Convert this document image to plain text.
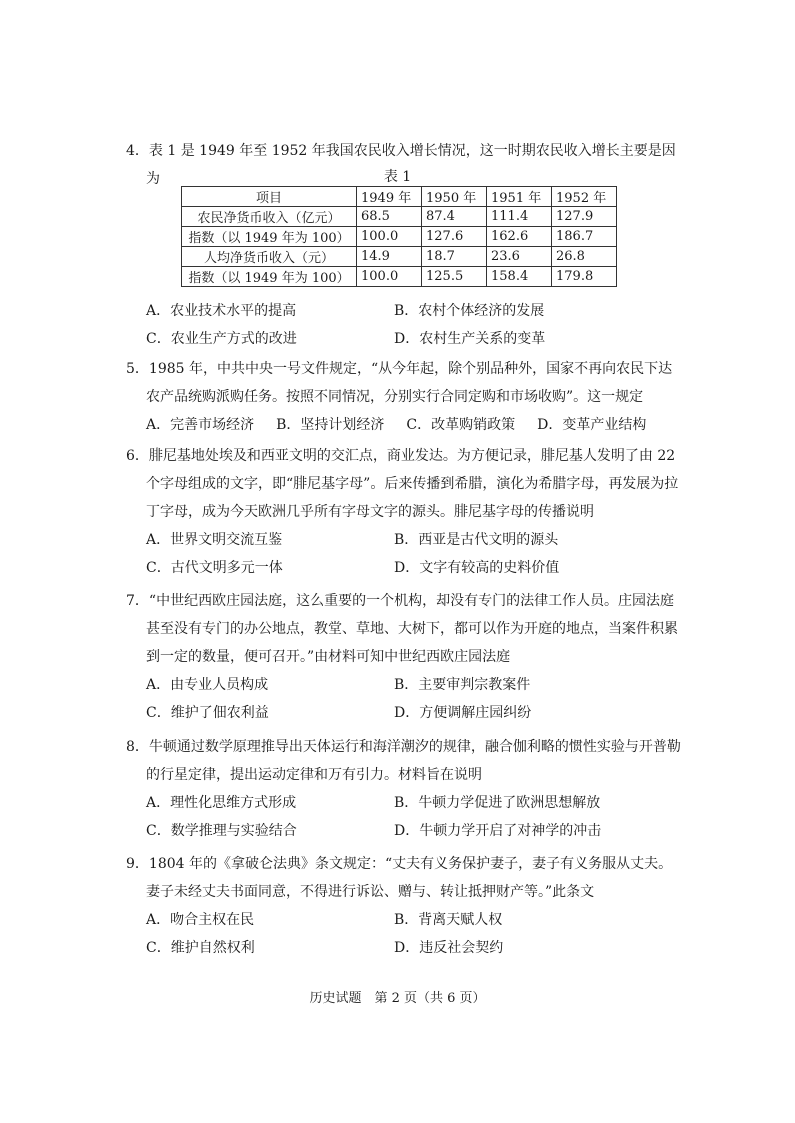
4．表 1 是 1949 年至 1952 年我国农民收入增长情况，这一时期农民收入增长主要是因为	表 1
项目	1949 年	1950 年	1951 年	1952 年
农民净货币收入（亿元）	68.5	87.4	111.4	127.9
指数（以 1949 年为 100）	100.0	127.6	162.6	186.7
人均净货币收入（元）	14.9	18.7	23.6	26.8
指数（以 1949 年为 100）	100.0	125.5	158.4	179.8
A．农业技术水平的提高	B．农村个体经济的发展
C．农业生产方式的改进	D．农村生产关系的变革
5．1985 年，中共中央一号文件规定，“从今年起，除个别品种外，国家不再向农民下达农产品统购派购任务。按照不同情况，分别实行合同定购和市场收购”。这一规定
A．完善市场经济 B．坚持计划经济 C．改革购销政策 D．变革产业结构
6．腓尼基地处埃及和西亚文明的交汇点，商业发达。为方便记录，腓尼基人发明了由 22 个字母组成的文字，即“腓尼基字母”。后来传播到希腊，演化为希腊字母，再发展为拉丁字母，成为今天欧洲几乎所有字母文字的源头。腓尼基字母的传播说明
A．世界文明交流互鉴	B．西亚是古代文明的源头
C．古代文明多元一体	D．文字有较高的史料价值
7．“中世纪西欧庄园法庭，这么重要的一个机构，却没有专门的法律工作人员。庄园法庭甚至没有专门的办公地点，教堂、草地、大树下，都可以作为开庭的地点，当案件积累到一定的数量，便可召开。”由材料可知中世纪西欧庄园法庭
A．由专业人员构成	B．主要审判宗教案件
C．维护了佃农利益	D．方便调解庄园纠纷
8．牛顿通过数学原理推导出天体运行和海洋潮汐的规律，融合伽利略的惯性实验与开普勒的行星定律，提出运动定律和万有引力。材料旨在说明
A．理性化思维方式形成	B．牛顿力学促进了欧洲思想解放
C．数学推理与实验结合	D．牛顿力学开启了对神学的冲击
9．1804 年的《拿破仑法典》条文规定：“丈夫有义务保护妻子，妻子有义务服从丈夫。妻子未经丈夫书面同意，不得进行诉讼、赠与、转让抵押财产等。”此条文
A．吻合主权在民	B．背离天赋人权
C．维护自然权利	D．违反社会契约
历史试题　第 2 页（共 6 页）
